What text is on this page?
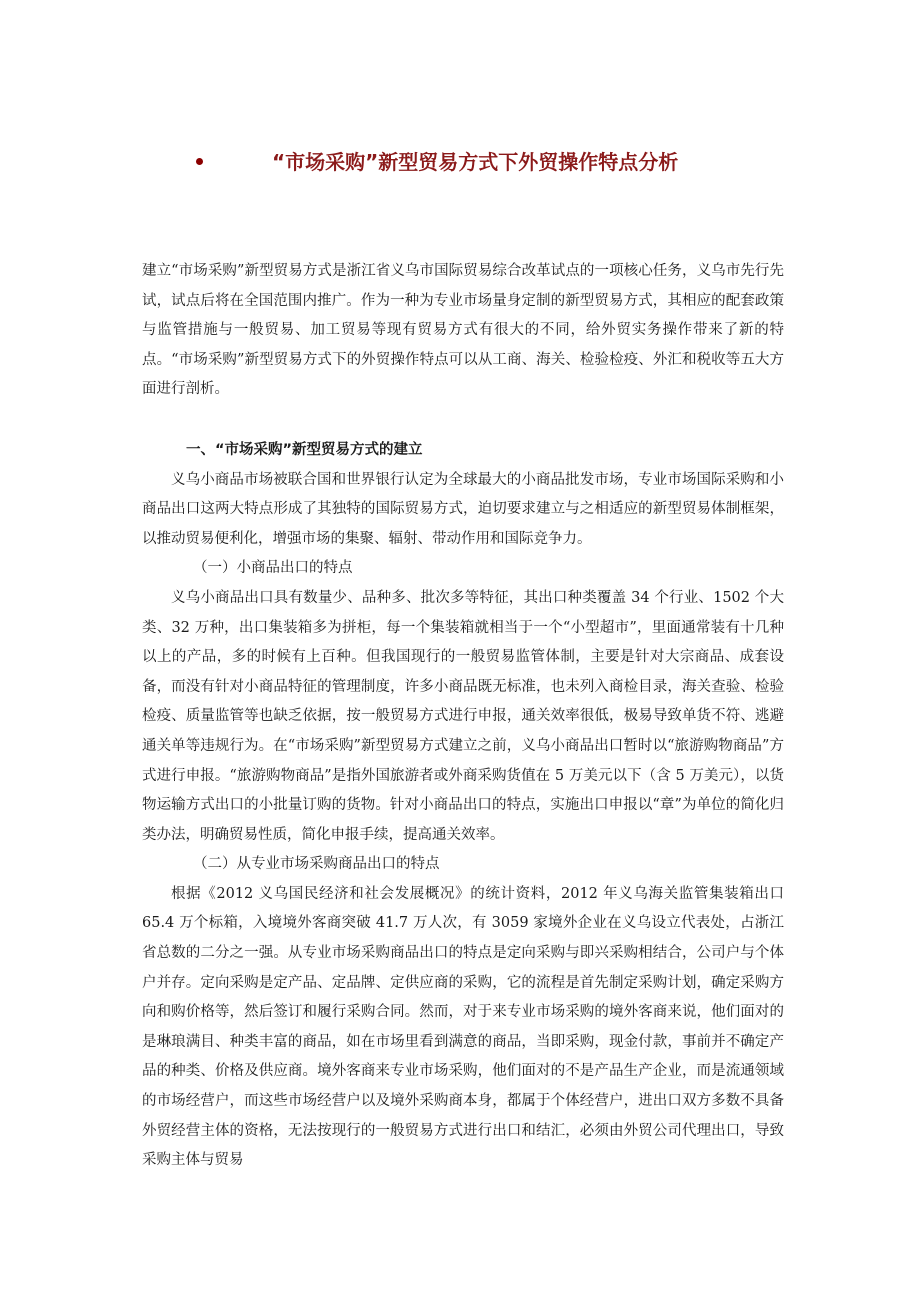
“市场采购”新型贸易方式下外贸操作特点分析

建立“市场采购”新型贸易方式是浙江省义乌市国际贸易综合改革试点的一项核心任务，义乌市先行先试，试点后将在全国范围内推广。作为一种为专业市场量身定制的新型贸易方式，其相应的配套政策与监管措施与一般贸易、加工贸易等现有贸易方式有很大的不同，给外贸实务操作带来了新的特点。“市场采购”新型贸易方式下的外贸操作特点可以从工商、海关、检验检疫、外汇和税收等五大方面进行剖析。

一、“市场采购”新型贸易方式的建立

义乌小商品市场被联合国和世界银行认定为全球最大的小商品批发市场，专业市场国际采购和小商品出口这两大特点形成了其独特的国际贸易方式，迫切要求建立与之相适应的新型贸易体制框架，以推动贸易便利化，增强市场的集聚、辐射、带动作用和国际竞争力。

（一）小商品出口的特点

义乌小商品出口具有数量少、品种多、批次多等特征，其出口种类覆盖 34 个行业、1502 个大类、32 万种，出口集装箱多为拼柜，每一个集装箱就相当于一个“小型超市”，里面通常装有十几种以上的产品，多的时候有上百种。但我国现行的一般贸易监管体制，主要是针对大宗商品、成套设备，而没有针对小商品特征的管理制度，许多小商品既无标准，也未列入商检目录，海关查验、检验检疫、质量监管等也缺乏依据，按一般贸易方式进行申报，通关效率很低，极易导致单货不符、逃避通关单等违规行为。在“市场采购”新型贸易方式建立之前，义乌小商品出口暂时以“旅游购物商品”方式进行申报。“旅游购物商品”是指外国旅游者或外商采购货值在 5 万美元以下（含 5 万美元），以货物运输方式出口的小批量订购的货物。针对小商品出口的特点，实施出口申报以“章”为单位的简化归类办法，明确贸易性质，简化申报手续，提高通关效率。

（二）从专业市场采购商品出口的特点

根据《2012 义乌国民经济和社会发展概况》的统计资料，2012 年义乌海关监管集装箱出口 65.4 万个标箱，入境境外客商突破 41.7 万人次，有 3059 家境外企业在义乌设立代表处，占浙江省总数的二分之一强。从专业市场采购商品出口的特点是定向采购与即兴采购相结合，公司户与个体户并存。定向采购是定产品、定品牌、定供应商的采购，它的流程是首先制定采购计划，确定采购方向和购价格等，然后签订和履行采购合同。然而，对于来专业市场采购的境外客商来说，他们面对的是琳琅满目、种类丰富的商品，如在市场里看到满意的商品，当即采购，现金付款，事前并不确定产品的种类、价格及供应商。境外客商来专业市场采购，他们面对的不是产品生产企业，而是流通领域的市场经营户，而这些市场经营户以及境外采购商本身，都属于个体经营户，进出口双方多数不具备外贸经营主体的资格，无法按现行的一般贸易方式进行出口和结汇，必须由外贸公司代理出口，导致采购主体与贸易
